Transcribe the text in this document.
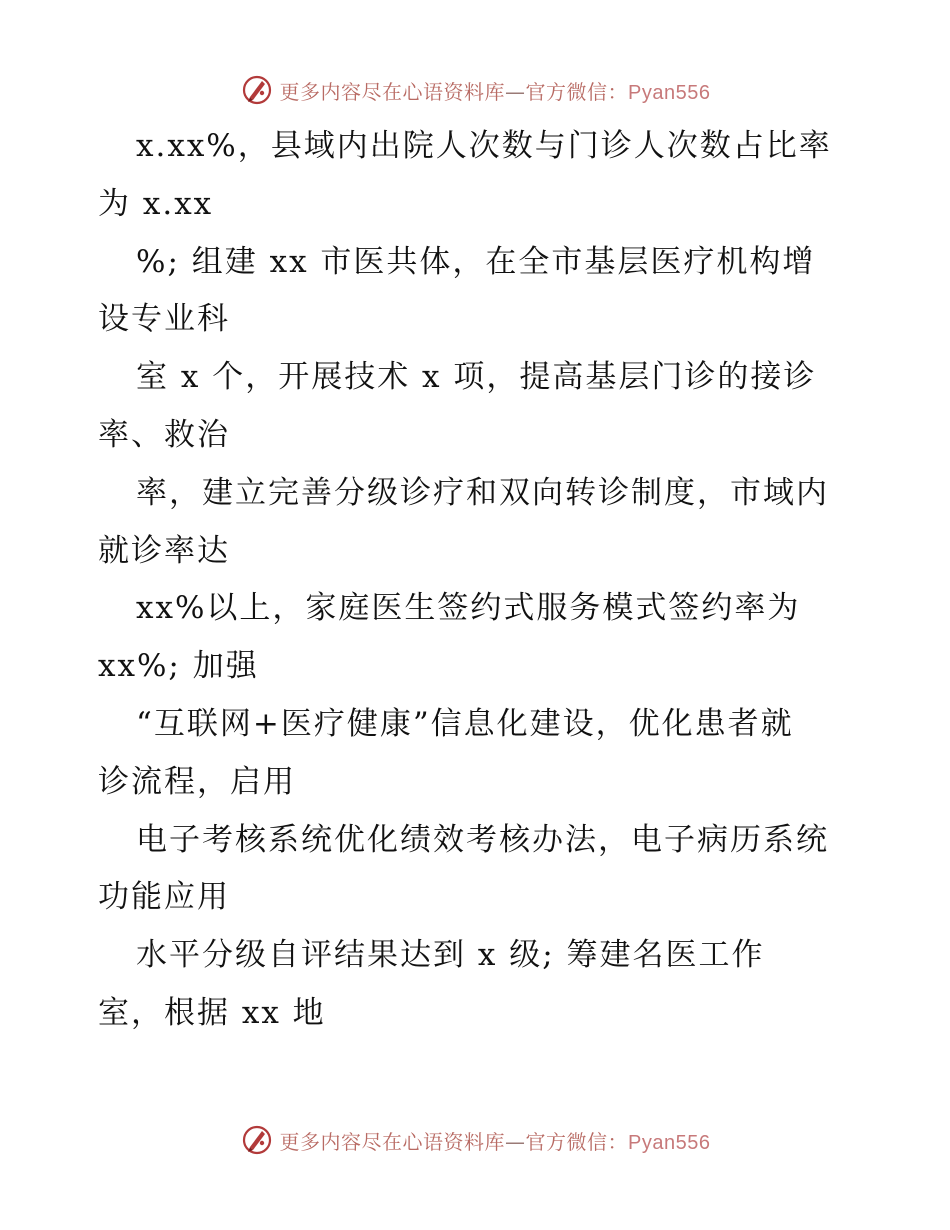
更多内容尽在心语资料库—官方微信：Pyan556
x.xx%，县域内出院人次数与门诊人次数占比率
为 x.xx
%; 组建 xx 市医共体，在全市基层医疗机构增
设专业科
室 x 个，开展技术 x 项，提高基层门诊的接诊
率、救治
率，建立完善分级诊疗和双向转诊制度，市域内
就诊率达
xx%以上，家庭医生签约式服务模式签约率为
xx%; 加强
“互联网+医疗健康”信息化建设，优化患者就
诊流程，启用
电子考核系统优化绩效考核办法，电子病历系统
功能应用
水平分级自评结果达到 x 级; 筹建名医工作
室，根据 xx 地
更多内容尽在心语资料库—官方微信：Pyan556
